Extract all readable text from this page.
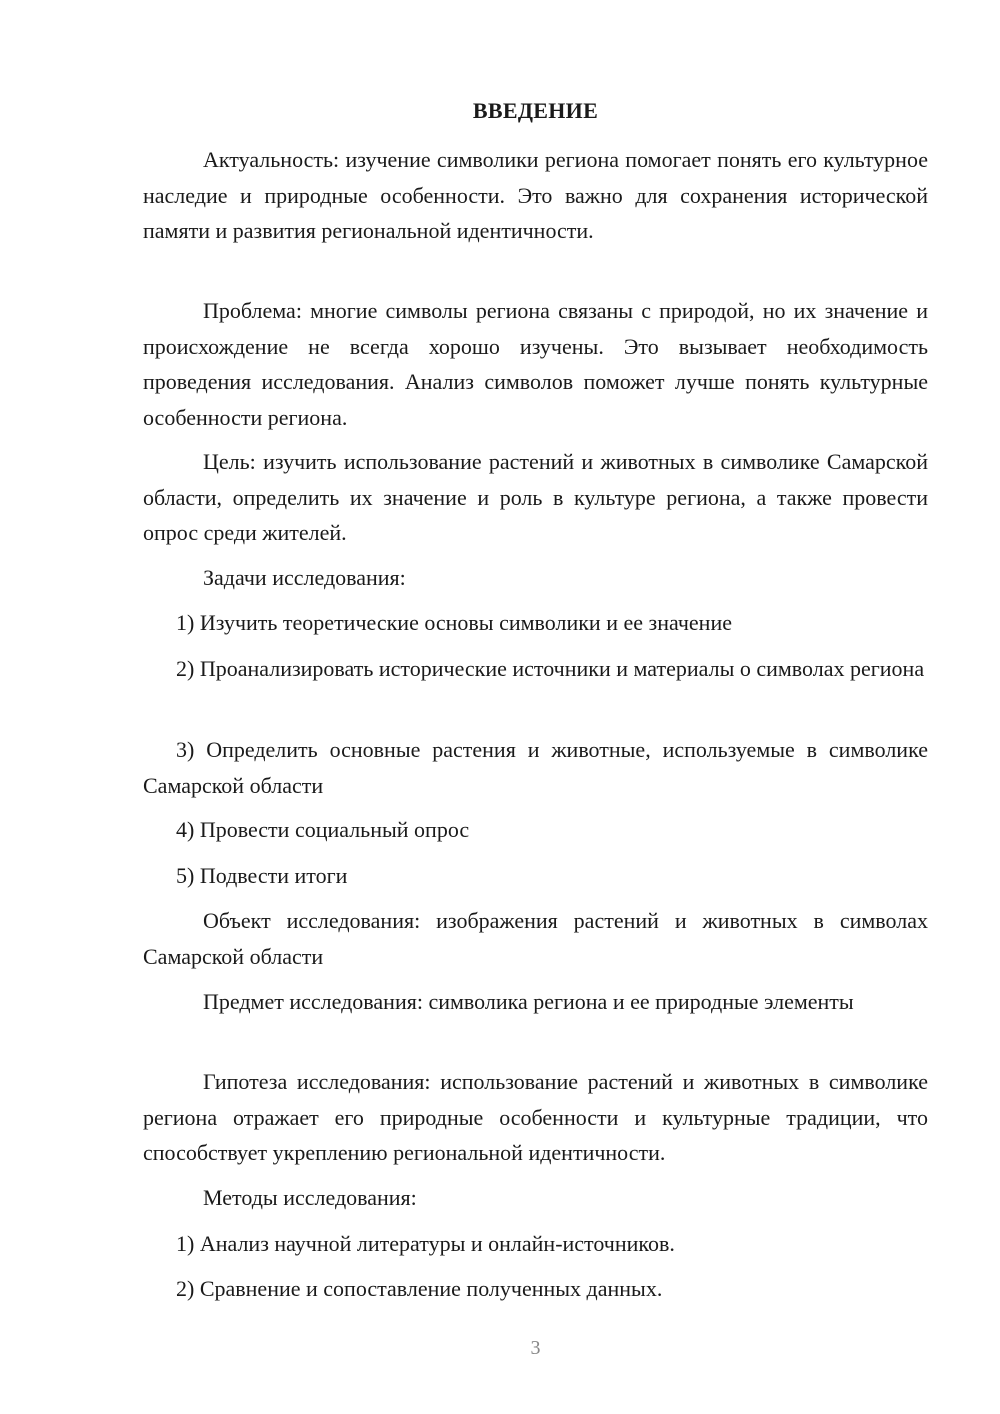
ВВЕДЕНИЕ

Актуальность: изучение символики региона помогает понять его культурное наследие и природные особенности. Это важно для сохранения исторической памяти и развития региональной идентичности.

Проблема: многие символы региона связаны с природой, но их значение и происхождение не всегда хорошо изучены. Это вызывает необходимость проведения исследования. Анализ символов поможет лучше понять культурные особенности региона.

Цель: изучить использование растений и животных в символике Самарской области, определить их значение и роль в культуре региона, а также провести опрос среди жителей.

Задачи исследования:

1) Изучить теоретические основы символики и ее значение

2) Проанализировать исторические источники и материалы о символах региона

3) Определить основные растения и животные, используемые в символике Самарской области

4) Провести социальный опрос

5) Подвести итоги

Объект исследования: изображения растений и животных в символах Самарской области

Предмет исследования: символика региона и ее природные элементы

Гипотеза исследования: использование растений и животных в символике региона отражает его природные особенности и культурные традиции, что способствует укреплению региональной идентичности.

Методы исследования:

1) Анализ научной литературы и онлайн-источников.

2) Сравнение и сопоставление полученных данных.

3
